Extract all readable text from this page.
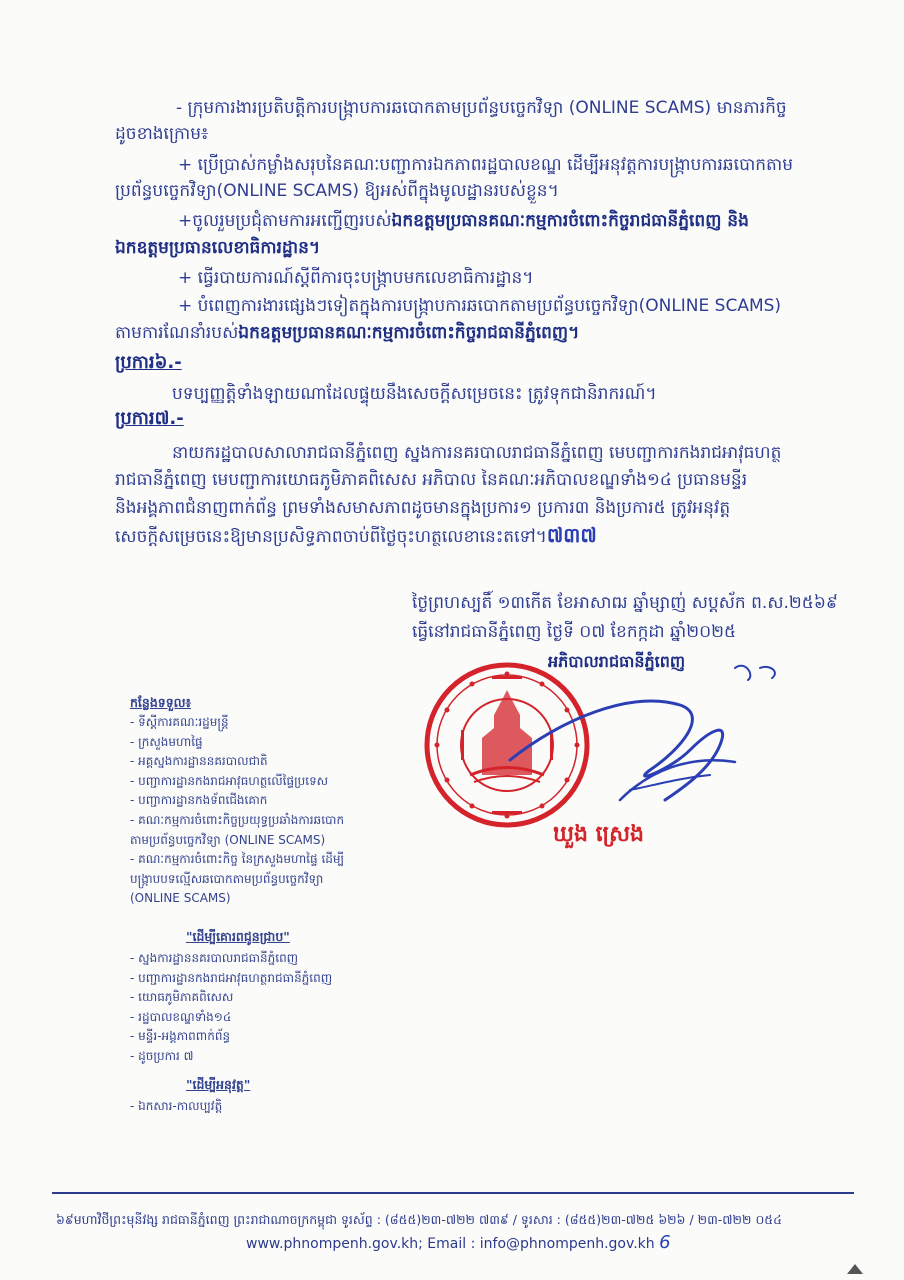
- ក្រុមការងារប្រតិបត្តិការបង្ក្រាបការឆបោកតាមប្រព័ន្ធបច្ចេកវិទ្យា (ONLINE SCAMS) មានភារកិច្ច
ដូចខាងក្រោម៖
+ ប្រើប្រាស់កម្លាំងសរុបនៃគណៈបញ្ជាការឯកភាពរដ្ឋបាលខណ្ឌ ដើម្បីអនុវត្តការបង្ក្រាបការឆបោកតាម
ប្រព័ន្ធបច្ចេកវិទ្យា(ONLINE SCAMS) ឱ្យអស់ពីក្នុងមូលដ្ឋានរបស់ខ្លួន។
+ចូលរួមប្រជុំតាមការអញ្ជើញរបស់ឯកឧត្តមប្រធានគណៈកម្មការចំពោះកិច្ចរាជធានីភ្នំពេញ និង
ឯកឧត្តមប្រធានលេខាធិការដ្ឋាន។
+ ធ្វើរបាយការណ៍ស្តីពីការចុះបង្ក្រាបមកលេខាធិការដ្ឋាន។
+ បំពេញការងារផ្សេងៗទៀតក្នុងការបង្ក្រាបការឆបោកតាមប្រព័ន្ធបច្ចេកវិទ្យា(ONLINE SCAMS)
តាមការណែនាំរបស់ឯកឧត្តមប្រធានគណៈកម្មការចំពោះកិច្ចរាជធានីភ្នំពេញ។
ប្រការ៦.-
បទប្បញ្ញត្តិទាំងឡាយណាដែលផ្ទុយនឹងសេចក្តីសម្រេចនេះ ត្រូវទុកជានិរាករណ៍។
ប្រការ៧.-
នាយករដ្ឋបាលសាលារាជធានីភ្នំពេញ ស្នងការនគរបាលរាជធានីភ្នំពេញ មេបញ្ជាការកងរាជអាវុធហត្ថ
រាជធានីភ្នំពេញ មេបញ្ជាការយោធភូមិភាគពិសេស អភិបាល នៃគណៈអភិបាលខណ្ឌទាំង១៤ ប្រធានមន្ទីរ
និងអង្គភាពជំនាញពាក់ព័ន្ធ ព្រមទាំងសមាសភាពដូចមានក្នុងប្រការ១ ប្រការ៣ និងប្រការ៥ ត្រូវអនុវត្ត
សេចក្តីសម្រេចនេះឱ្យមានប្រសិទ្ធភាពចាប់ពីថ្ងៃចុះហត្ថលេខានេះតទៅ។៧៣៧
ថ្ងៃព្រហស្បតិ៍ ១៣កើត ខែអាសាឍ ឆ្នាំម្សាញ់ សប្តស័ក ព.ស.២៥៦៩
ធ្វើនៅរាជធានីភ្នំពេញ ថ្ងៃទី ០៧ ខែកក្កដា ឆ្នាំ២០២៥
អភិបាលរាជធានីភ្នំពេញ
ឃួង ស្រេង
កន្លែងទទួល៖
- ទីស្តីការគណៈរដ្ឋមន្ត្រី
- ក្រសួងមហាផ្ទៃ
- អគ្គស្នងការដ្ឋាននគរបាលជាតិ
- បញ្ជាការដ្ឋានកងរាជអាវុធហត្ថលើផ្ទៃប្រទេស
- បញ្ជាការដ្ឋានកងទ័ពជើងគោក
- គណៈកម្មការចំពោះកិច្ចប្រយុទ្ធប្រឆាំងការឆបោក
តាមប្រព័ន្ធបច្ចេកវិទ្យា (ONLINE SCAMS)
- គណៈកម្មការចំពោះកិច្ច នៃក្រសួងមហាផ្ទៃ ដើម្បី
បង្ក្រាបបទល្មើសឆបោកតាមប្រព័ន្ធបច្ចេកវិទ្យា
(ONLINE SCAMS)
"ដើម្បីគោរពជូនជ្រាប"
- ស្នងការដ្ឋាននគរបាលរាជធានីភ្នំពេញ
- បញ្ជាការដ្ឋានកងរាជអាវុធហត្ថរាជធានីភ្នំពេញ
- យោធភូមិភាគពិសេស
- រដ្ឋបាលខណ្ឌទាំង១៤
- មន្ទីរ-អង្គភាពពាក់ព័ន្ធ
- ដូចប្រការ ៧
"ដើម្បីអនុវត្ត"
- ឯកសារ-កាលប្បវត្តិ
៦៩មហាវិថីព្រះមុនីវង្ស រាជធានីភ្នំពេញ ព្រះរាជាណាចក្រកម្ពុជា ទូរស័ព្ទ : (៨៥៥)២៣-៧២២ ៧៣៩ / ទូរសារ : (៨៥៥)២៣-៧២៥ ៦២៦ / ២៣-៧២២ ០៥៤
www.phnompenh.gov.kh; Email : info@phnompenh.gov.kh 6
